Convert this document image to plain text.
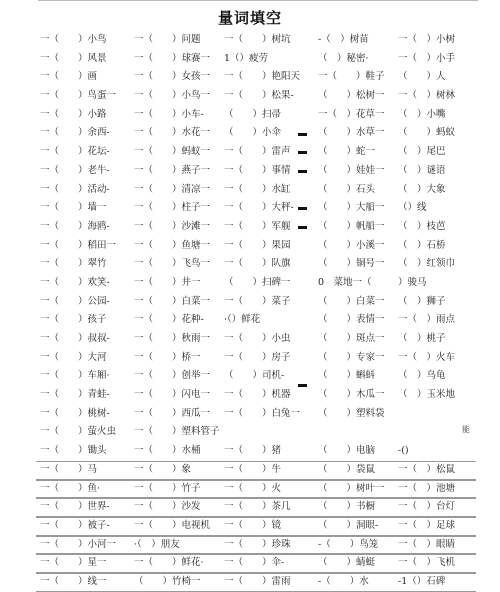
量词填空
一（　　）小鸟	一（　　）问题	一（　　）树坑	-（　）树苗	一（　）小树
一（　　）风景	一（　　）球赛一	1（）疲劳	（　）秘密·	一（　）小手
一（　　）画	一（　　）女孩一	一（　　）艳阳天	一（　　）鞋子	（　　）人
一（　　）鸟蛋一	一（　　）小鸟一	一（　　）松果-	（　　）松树一	一（　）树林
一（　　）小路	一（　　）小车-	（　　）扫帚	一（　）花草一	（　）小嘴
一（　　）余西-	一（　　）水花一	（　　）小伞	（　　）水草一	（　　）蚂蚁
一（　　）花坛-	一（　　）蚂蚁一	一（　　）雷声	（　　）蛇一	（　）尾巴
一（　　）老牛-	一（　　）燕子一	一（　　）事情	（　　）娃娃一	（　）谜语
一（　　）活动-	一（　　）清凉一	一（　　）水缸	（　　）石头	（　）大象
一（　　）墙一	一（　　）柱子一	一（　　）大秤-	（　　）大船一	（）线
一（　　）海鸥-	一（　　）沙滩一	一（　　）军舰	（　　）帆船一	（　）枝芭
一（　　）稻田一	一（　　）鱼塘一	一（　　）果园	（　　）小溪一	（　）石桥
一（　　）翠竹	一（　　）飞鸟一	一（　　）队旗	（　　）铜号一	（　）红领巾
一（　　）欢笑-	一（　　）井一	（　　）扫碑一	0　菜地一（	）骏马
一（　　）公园-	一（　　）白菜一	一（　　）菜子	（　　）白菜一	（　）狮子
一（　　）孩子	一（　　）花种-	·（）鲜花	（　　）表情一	一（　）雨点
一（　　）叔叔-	一（　　）秋雨一	一（　　）小虫	（　　）斑点一	（　）桃子
一（　　）大河	一（　　）桥一	一（　　）房子	（　　）专家一	一（　）火车
一（　　）车厢·	一（　　）创举一	（　　）司机-	（　　）蝌蚪	（　）乌龟
一（　　）青蛙-	一（　　）闪电一	一（　　）机器	（　　）木瓜一	（　）玉米地
一（　　）桃树-	一（　　）西瓜一	一（　　）白兔一	（　　）塑料袋
一（　　）萤火虫	一（　　）塑料管子
一（　　）锄头	一（　　）水桶	一（　　）猪	（　　）电脑	-()
一（　　）马	一（　　）象	一（　　）牛	（　　）袋鼠	一（　）松鼠
一（　　）鱼·	一（　　）竹子	一（　　）火	（　　）树叶一	一（　）池塘
一（　　）世界-	一（　　）沙发	一（　　）茶几	（　　）书橱	一（　）台灯
一（　　）被子-	一（　　）电视机	一（　　）镜	（　　）洞眼-	一（　）足球
一（　　）小河一	·（　）朋友	一（　　）珍珠	-（　　）鸟笼	一（　）眼睛
一（　　）星一	一（　　）鲜花·	一（　　）伞-	（　　）蜻蜓	一（　）飞机
一（　　）线一	（　　）竹椅一	一（　　）雷雨	-（　　）水	-1（）石碑
能
